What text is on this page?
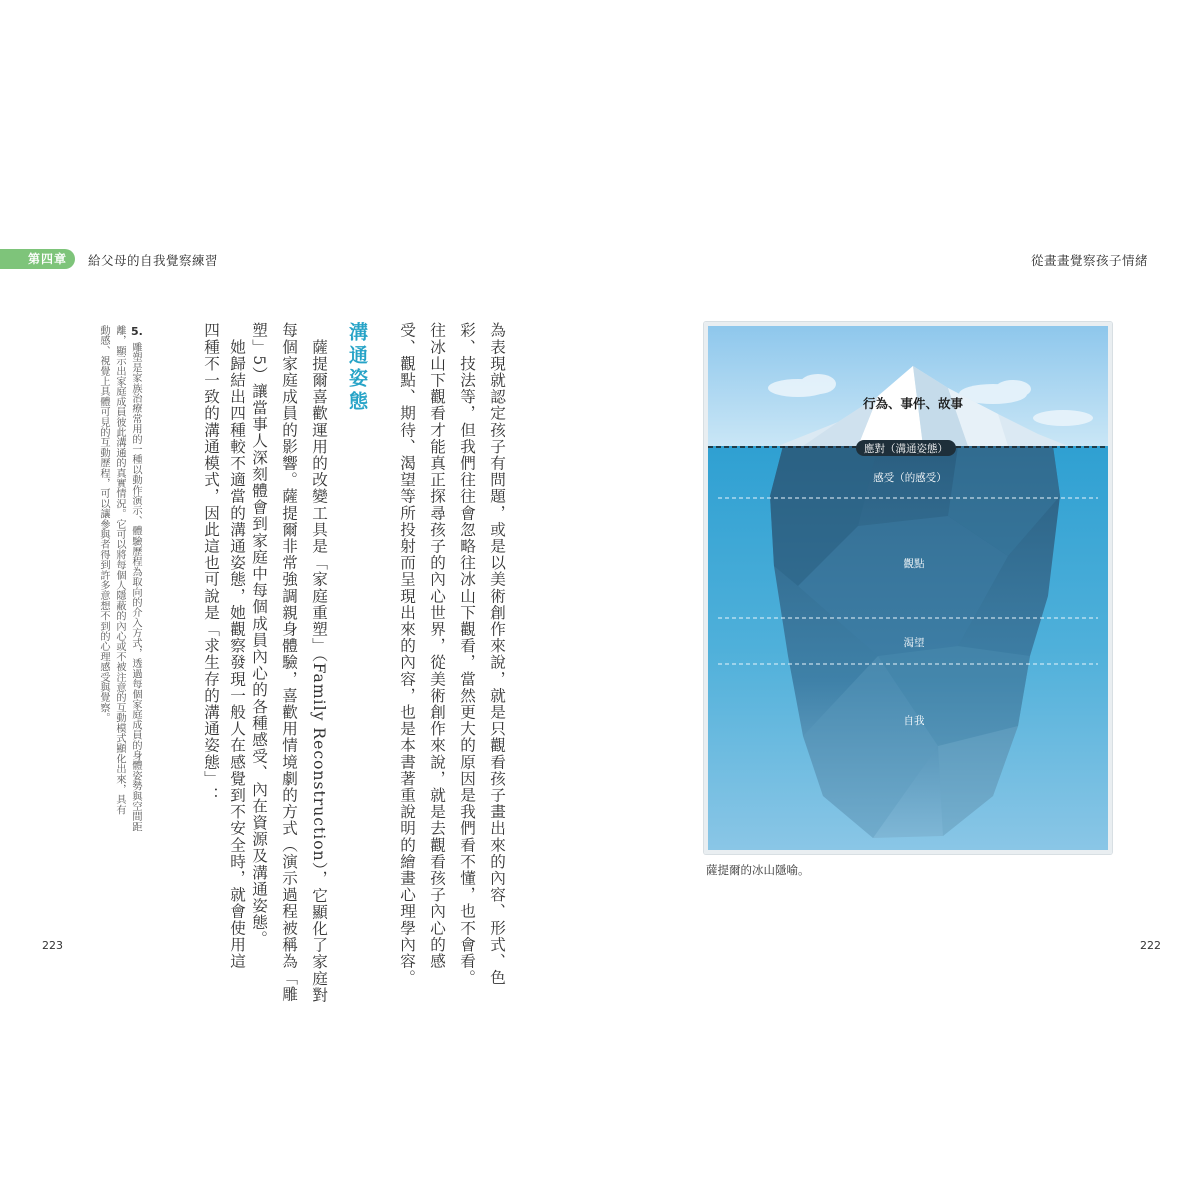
第四章	給父母的自我覺察練習	從畫畫覺察孩子情緒
為表現就認定孩子有問題，或是以美術創作來說，就是只觀看孩子畫出來的內容、形式、色
彩、技法等，但我們往往會忽略往冰山下觀看，當然更大的原因是我們看不懂，也不會看。
往冰山下觀看才能真正探尋孩子的內心世界，從美術創作來說，就是去觀看孩子內心的感
受、觀點、期待、渴望等所投射而呈現出來的內容，也是本書著重說明的繪畫心理學內容。
溝通姿態
　薩提爾喜歡運用的改變工具是「家庭重塑」（Family Reconstruction），它顯化了家庭對
每個家庭成員的影響。薩提爾非常強調親身體驗，喜歡用情境劇的方式（演示過程被稱為「雕
塑」5）讓當事人深刻體會到家庭中每個成員內心的各種感受、內在資源及溝通姿態。
　她歸結出四種較不適當的溝通姿態，她觀察發現一般人在感覺到不安全時，就會使用這
四種不一致的溝通模式，因此這也可說是「求生存的溝通姿態」：
5.
雕塑是家族治療常用的一種以動作演示、體驗歷程為取向的介入方式，透過每個家庭成員的身體姿勢與空間距
離，顯示出家庭成員彼此溝通的真實情況。它可以將每個人隱蔽的內心或不被注意的互動模式顯化出來，具有
動感、視覺上具體可見的互動歷程，可以讓參與者得到許多意想不到的心理感受與覺察。
223
行為、事件、故事
應對（溝通姿態）
感受（的感受）
觀點
渴望
自我
薩提爾的冰山隱喻。
222
